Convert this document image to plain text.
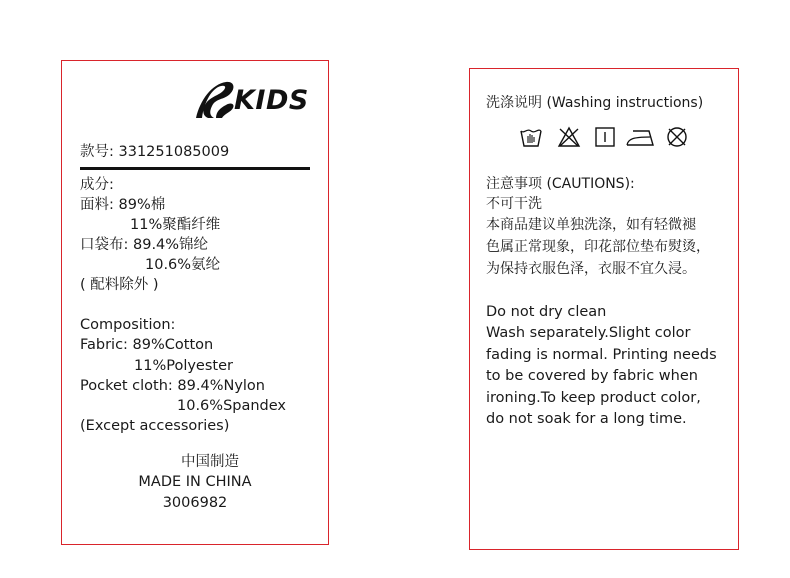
KIDS
款号: 331251085009
成分:
面料: 89%棉
11%聚酯纤维
口袋布: 89.4%锦纶
10.6%氨纶
( 配料除外 )
Composition:
Fabric: 89%Cotton
11%Polyester
Pocket cloth: 89.4%Nylon
10.6%Spandex
(Except accessories)
中国制造
MADE IN CHINA
3006982
洗涤说明 (Washing instructions)
注意事项 (CAUTIONS):
不可干洗
本商品建议单独洗涤，如有轻微褪
色属正常现象，印花部位垫布熨烫，
为保持衣服色泽，衣服不宜久浸。
Do not dry clean
Wash separately.Slight color
fading is normal. Printing needs
to be covered by fabric when
ironing.To keep product color,
do not soak for a long time.
